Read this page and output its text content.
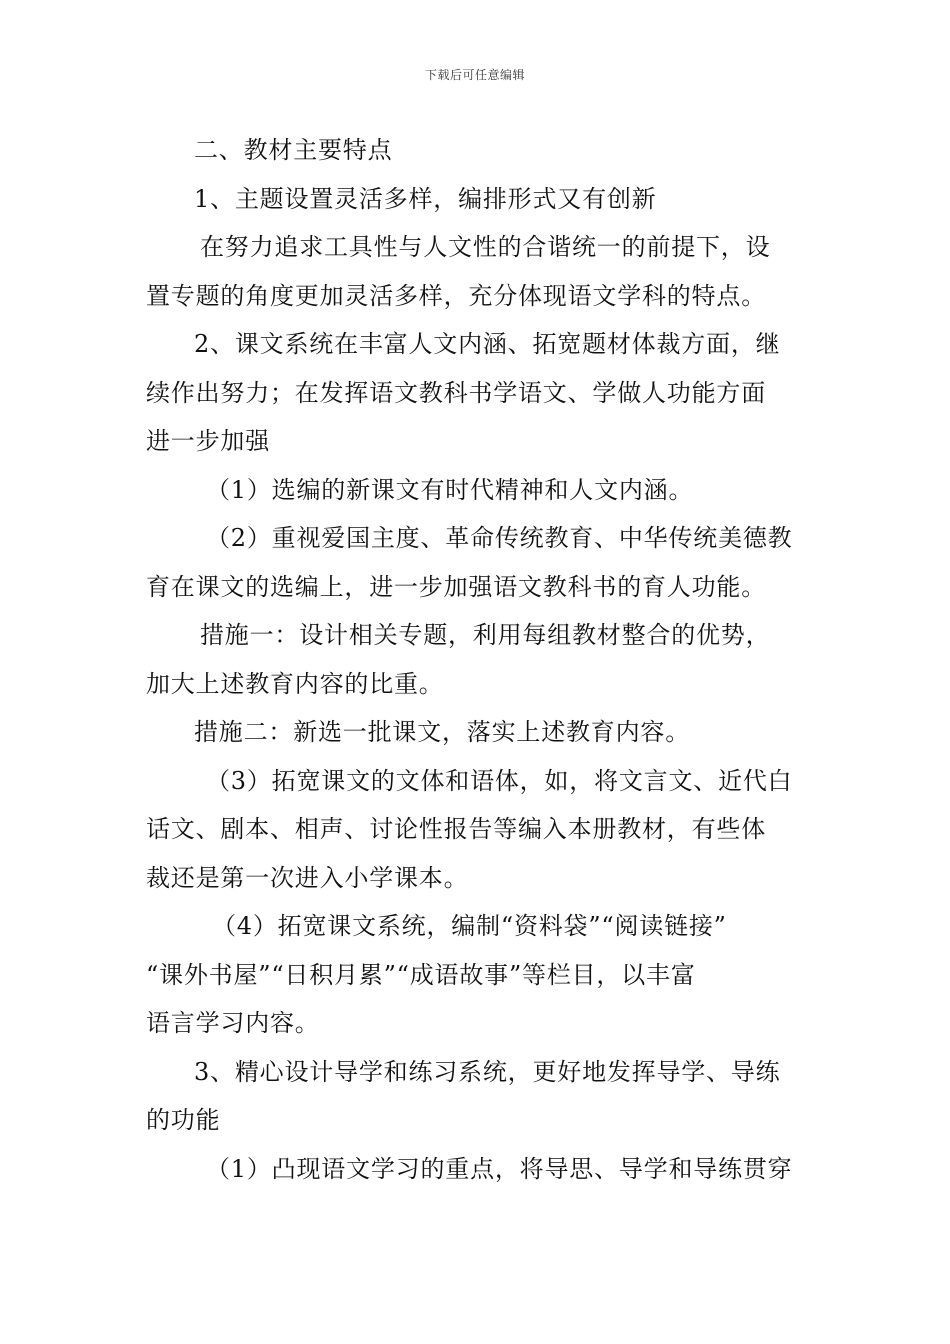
下载后可任意编辑
二、教材主要特点
1、主题设置灵活多样，编排形式又有创新
在努力追求工具性与人文性的合谐统一的前提下，设
置专题的角度更加灵活多样，充分体现语文学科的特点。
2、课文系统在丰富人文内涵、拓宽题材体裁方面，继
续作出努力；在发挥语文教科书学语文、学做人功能方面
进一步加强
（1）选编的新课文有时代精神和人文内涵。
（2）重视爱国主度、革命传统教育、中华传统美德教
育在课文的选编上，进一步加强语文教科书的育人功能。
措施一：设计相关专题，利用每组教材整合的优势，
加大上述教育内容的比重。
措施二：新选一批课文，落实上述教育内容。
（3）拓宽课文的文体和语体，如，将文言文、近代白
话文、剧本、相声、讨论性报告等编入本册教材，有些体
裁还是第一次进入小学课本。
（4）拓宽课文系统，编制“资料袋”“阅读链接”
“课外书屋”“日积月累”“成语故事”等栏目，以丰富
语言学习内容。
3、精心设计导学和练习系统，更好地发挥导学、导练
的功能
（1）凸现语文学习的重点，将导思、导学和导练贯穿
